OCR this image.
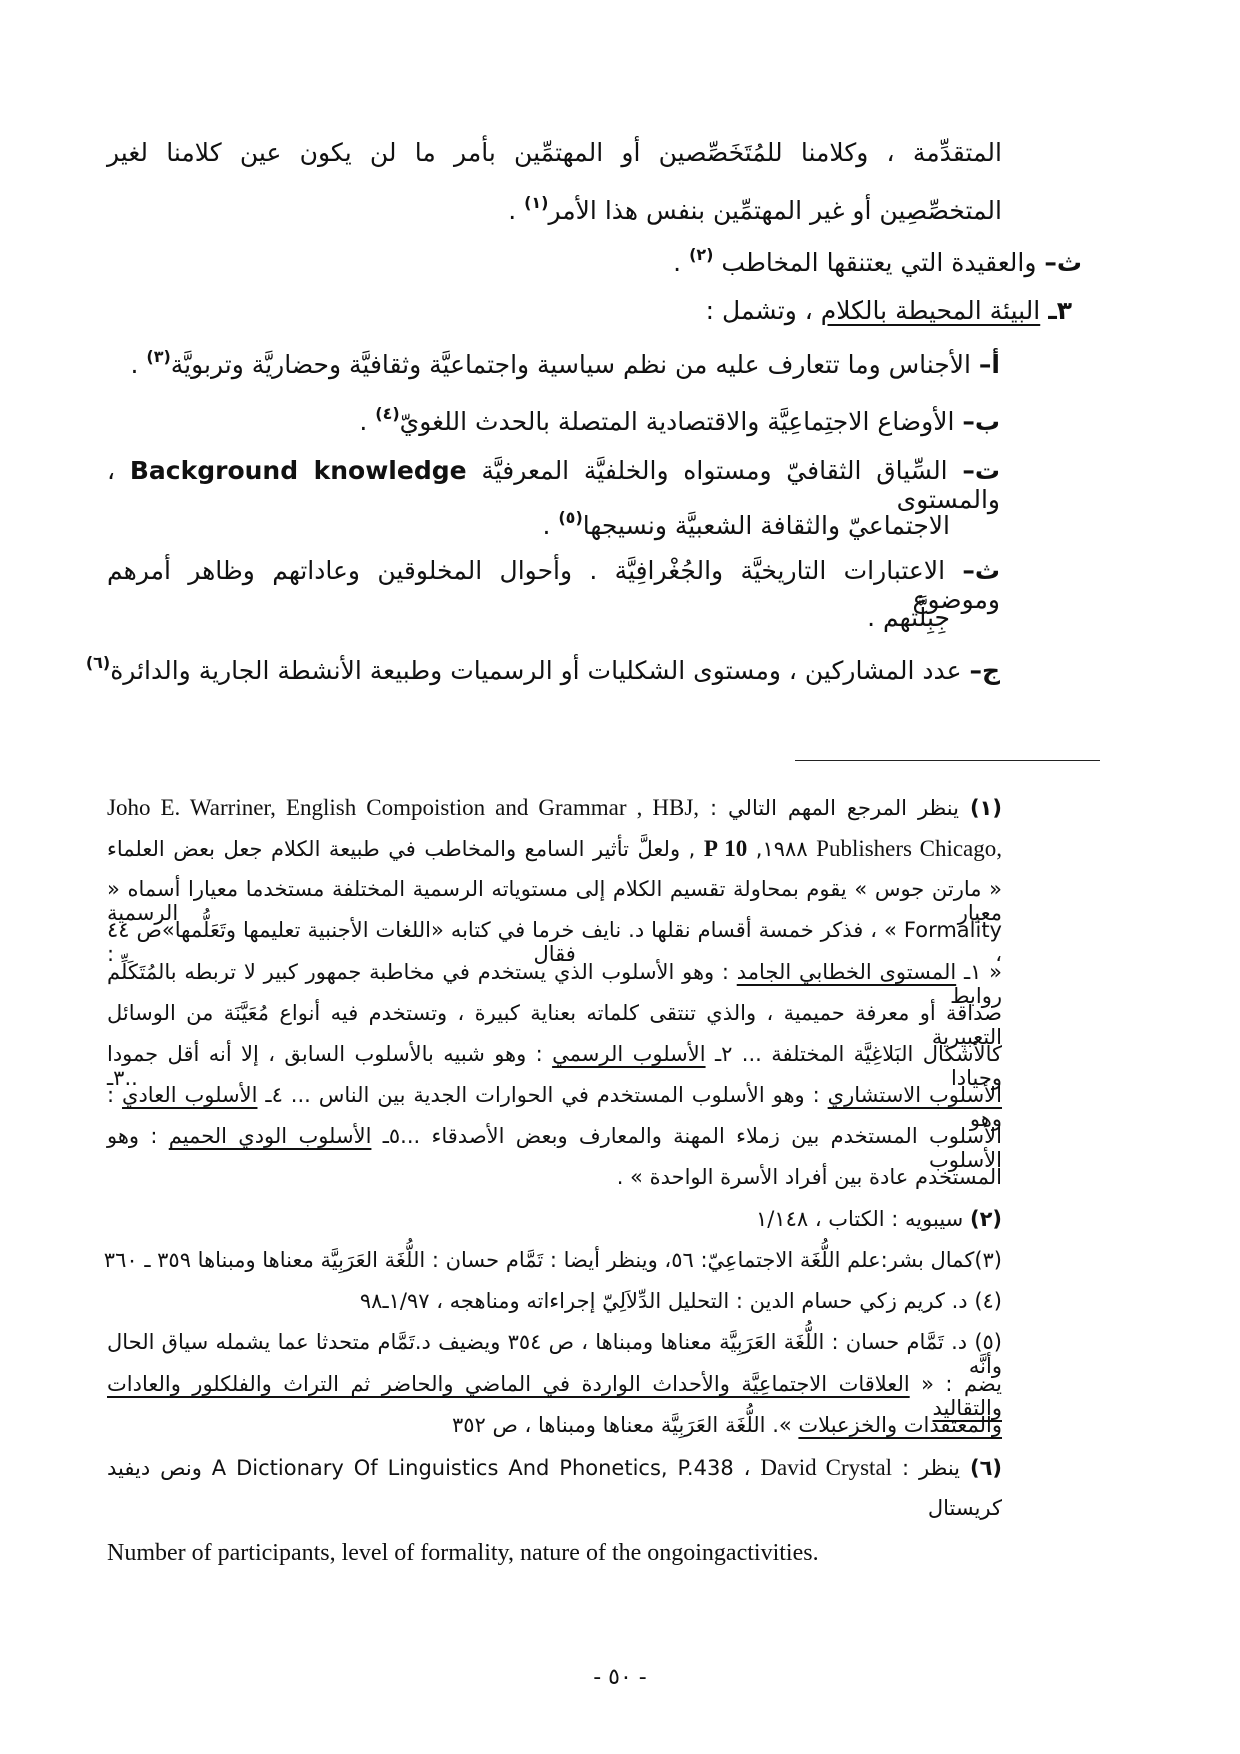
المتقدِّمة ، وكلامنا للمُتَخَصِّصين أو المهتمِّين بأمر ما لن يكون عين كلامنا لغير
المتخصِّصِين أو غير المهتمِّين بنفس هذا الأمر$^{(١)}$ .
ث– والعقيدة التي يعتنقها المخاطب $^{(٢)}$ .
٣ـ البيئة المحيطة بالكلام ، وتشمل :
أ– الأجناس وما تتعارف عليه من نظم سياسية واجتماعيَّة وثقافيَّة وحضاريَّة وتربويَّة$^{(٣)}$ .
ب– الأوضاع الاجتِماعِيَّة والاقتصادية المتصلة بالحدث اللغويّ$^{(٤)}$ .
ت– السِّياق الثقافيّ ومستواه والخلفيَّة المعرفيَّة Background knowledge ، والمستوى
الاجتماعيّ والثقافة الشعبيَّة ونسيجها$^{(٥)}$ .
ث– الاعتبارات التاريخيَّة والجُغْرافِيَّة . وأحوال المخلوقين وعاداتهم وظاهر أمرهم وموضوع
جِبِلَّتهم .
ج– عدد المشاركين ، ومستوى الشكليات أو الرسميات وطبيعة الأنشطة الجارية والدائرة$^{(٦)}$
(١) ينظر المرجع المهم التالي : Joho E. Warriner, English Compoistion and Grammar , HBJ,
Publishers Chicago, ١٩٨٨, P 10 , ولعلَّ تأثير السامع والمخاطب في طبيعة الكلام جعل بعض العلماء
« مارتن جوس » يقوم بمحاولة تقسيم الكلام إلى مستوياته الرسمية المختلفة مستخدما معيارا أسماه « معيار الرسمية
Formality » ، فذكر خمسة أقسام نقلها د. نايف خرما في كتابه «اللغات الأجنبية تعليمها وتَعَلُّمها»ص ٤٤ ، فقال :
« ١ـ المستوى الخطابي الجامد : وهو الأسلوب الذي يستخدم في مخاطبة جمهور كبير لا تربطه بالمُتَكَلِّم روابط
صداقة أو معرفة حميمية ، والذي تنتقى كلماته بعناية كبيرة ، وتستخدم فيه أنواع مُعَيَّنَة من الوسائل التعبيرية
كالأشكال البَلاغِيَّة المختلفة ... ٢ـ الأسلوب الرسمي : وهو شبيه بالأسلوب السابق ، إلا أنه أقل جمودا وحيادا ..٣ـ
الأسلوب الاستشاري : وهو الأسلوب المستخدم في الحوارات الجدية بين الناس ... ٤ـ الأسلوب العادي : وهو
الأسلوب المستخدم بين زملاء المهنة والمعارف وبعض الأصدقاء ...٥ـ الأسلوب الودي الحميم : وهو الأسلوب
المستخدم عادة بين أفراد الأسرة الواحدة » .
(٢) سيبويه : الكتاب ، ١/١٤٨
(٣)كمال بشر:علم اللُّغَة الاجتماعِيّ: ٥٦، وينظر أيضا : تَمَّام حسان : اللُّغَة العَرَبِيَّة معناها ومبناها ٣٥٩ ـ ٣٦٠
(٤) د. كريم زكي حسام الدين : التحليل الدِّلاَلِيّ إجراءاته ومناهجه ، ١/٩٧ـ٩٨
(٥) د. تَمَّام حسان : اللُّغَة العَرَبِيَّة معناها ومبناها ، ص ٣٥٤ ويضيف د.تَمَّام متحدثا عما يشمله سياق الحال وأنَّه
يضم : « العلاقات الاجتماعِيَّة والأحداث الواردة في الماضي والحاضر ثم التراث والفلكلور والعادات والتقاليد
والمعتقدات والخزعبلات ». اللُّغَة العَرَبِيَّة معناها ومبناها ، ص ٣٥٢
(٦) ينظر : David Crystal ، A Dictionary Of Linguistics And Phonetics, P.438 ونص ديفيد
كريستال
Number of participants, level of formality, nature of the ongoingactivities.
- ٥٠ -
